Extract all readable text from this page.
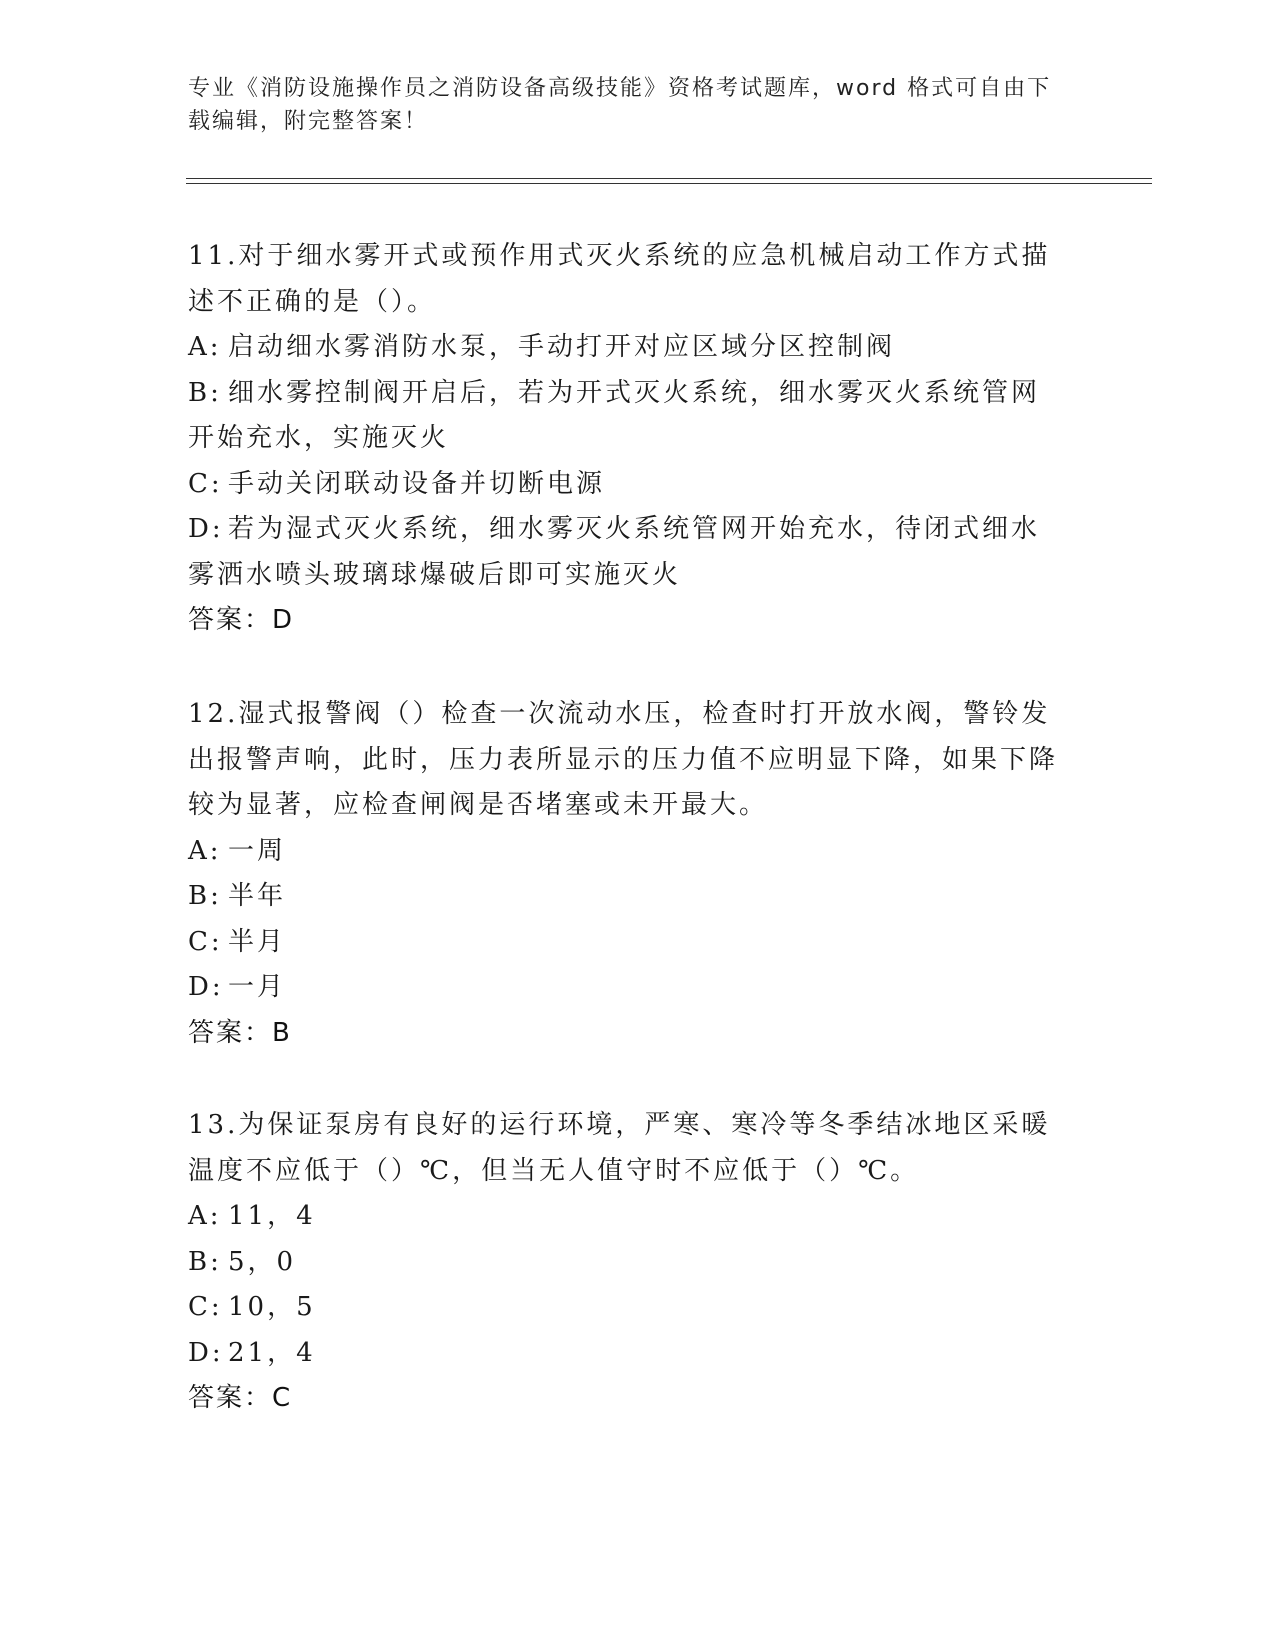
专业《消防设施操作员之消防设备高级技能》资格考试题库，word 格式可自由下载编辑，附完整答案！

11.对于细水雾开式或预作用式灭火系统的应急机械启动工作方式描述不正确的是（）。

A: 启动细水雾消防水泵，手动打开对应区域分区控制阀

B: 细水雾控制阀开启后，若为开式灭火系统，细水雾灭火系统管网开始充水，实施灭火

C: 手动关闭联动设备并切断电源

D: 若为湿式灭火系统，细水雾灭火系统管网开始充水，待闭式细水雾洒水喷头玻璃球爆破后即可实施灭火

答案：D

12.湿式报警阀（）检查一次流动水压，检查时打开放水阀，警铃发出报警声响，此时，压力表所显示的压力值不应明显下降，如果下降较为显著，应检查闸阀是否堵塞或未开最大。

A: 一周

B: 半年

C: 半月

D: 一月

答案：B

13.为保证泵房有良好的运行环境，严寒、寒冷等冬季结冰地区采暖温度不应低于（）℃，但当无人值守时不应低于（）℃。

A: 11，4

B: 5，0

C: 10，5

D: 21，4

答案：C
